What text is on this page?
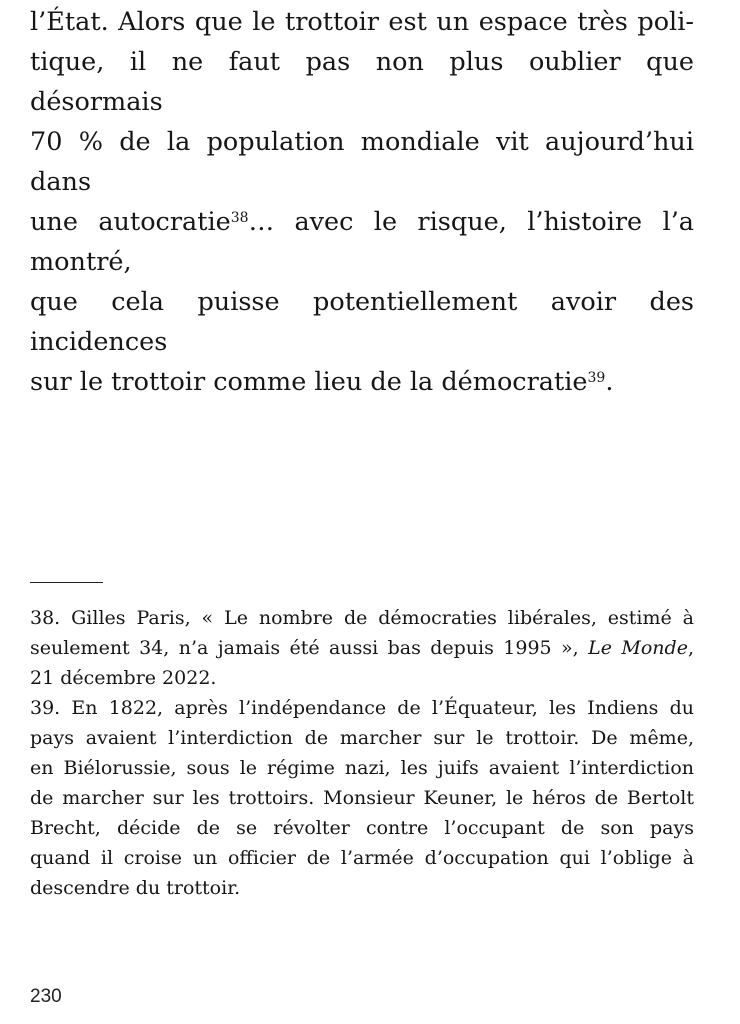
l’État. Alors que le trottoir est un espace très poli-
tique, il ne faut pas non plus oublier que désormais
70 % de la population mondiale vit aujourd’hui dans
une autocratie$^{38}$… avec le risque, l’histoire l’a montré,
que cela puisse potentiellement avoir des incidences
sur le trottoir comme lieu de la démocratie$^{39}$.
38. Gilles Paris, « Le nombre de démocraties libérales, estimé à
seulement 34, n’a jamais été aussi bas depuis 1995 », Le Monde,
21 décembre 2022.
39. En 1822, après l’indépendance de l’Équateur, les Indiens du
pays avaient l’interdiction de marcher sur le trottoir. De même,
en Biélorussie, sous le régime nazi, les juifs avaient l’interdiction
de marcher sur les trottoirs. Monsieur Keuner, le héros de Bertolt
Brecht, décide de se révolter contre l’occupant de son pays
quand il croise un officier de l’armée d’occupation qui l’oblige à
descendre du trottoir.
230
